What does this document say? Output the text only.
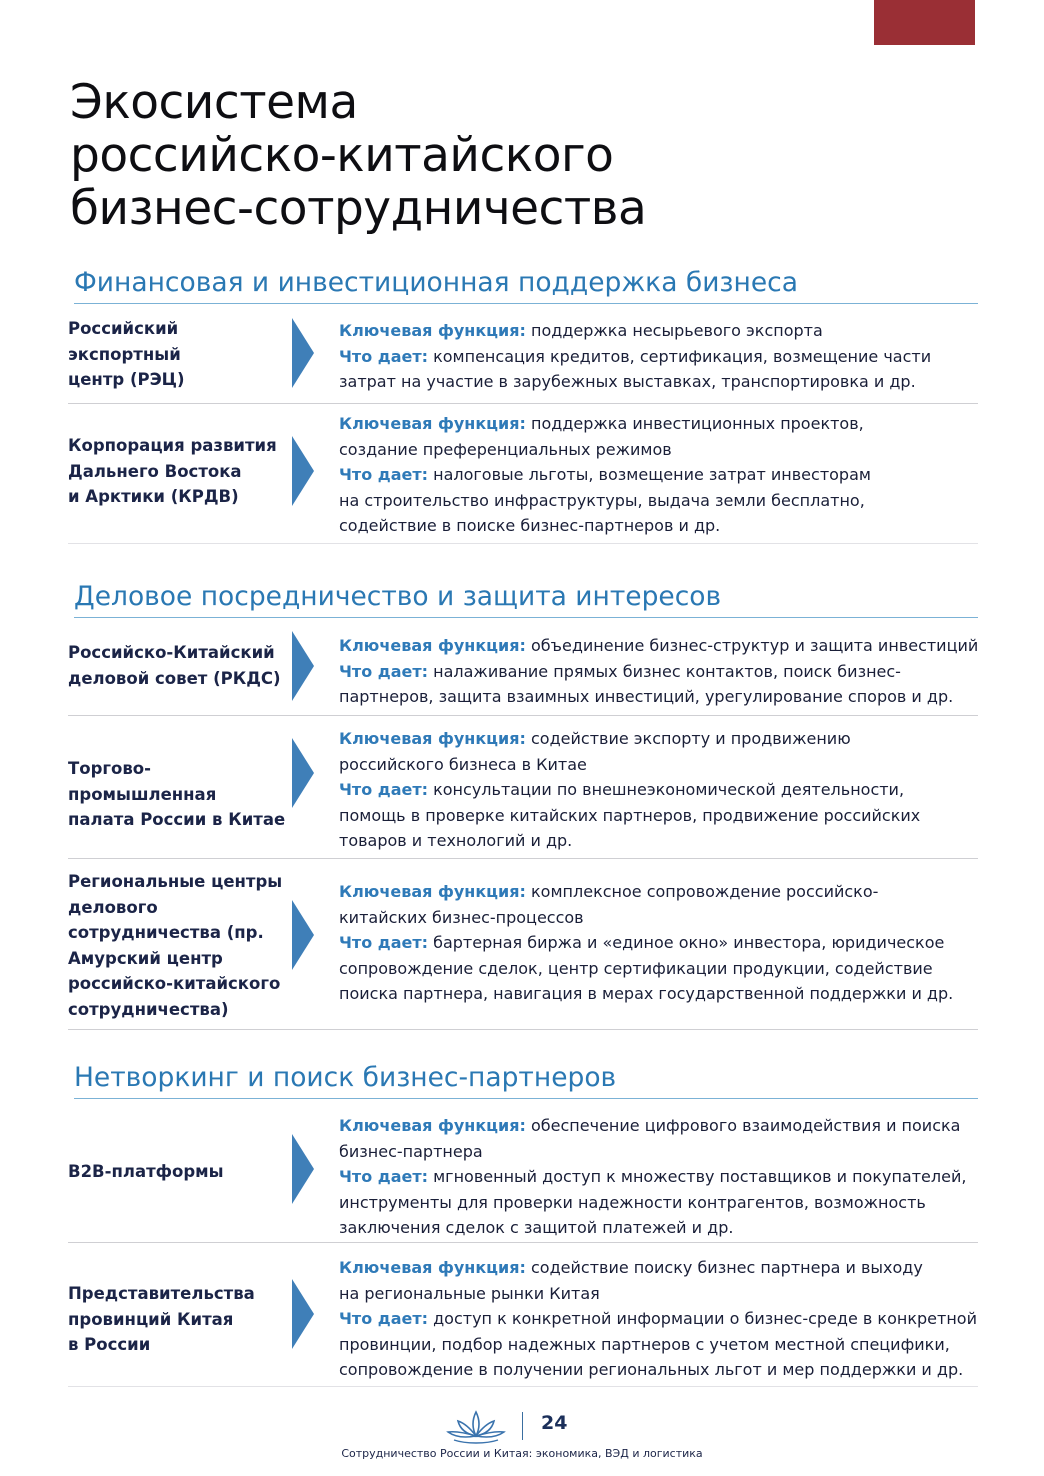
Экосистема
российско-китайского
бизнес-сотрудничества
Финансовая и инвестиционная поддержка бизнеса
Российский
экспортный
центр (РЭЦ)
Ключевая функция: поддержка несырьевого экспорта
Что дает: компенсация кредитов, сертификация, возмещение части
затрат на участие в зарубежных выставках, транспортировка и др.
Корпорация развития
Дальнего Востока
и Арктики (КРДВ)
Ключевая функция: поддержка инвестиционных проектов,
создание преференциальных режимов
Что дает: налоговые льготы, возмещение затрат инвесторам
на строительство инфраструктуры, выдача земли бесплатно,
содействие в поиске бизнес-партнеров и др.
Деловое посредничество и защита интересов
Российско-Китайский
деловой совет (РКДС)
Ключевая функция: объединение бизнес-структур и защита инвестиций
Что дает: налаживание прямых бизнес контактов, поиск бизнес-
партнеров, защита взаимных инвестиций, урегулирование споров и др.
Торгово-
промышленная
палата России в Китае
Ключевая функция: содействие экспорту и продвижению
российского бизнеса в Китае
Что дает: консультации по внешнеэкономической деятельности,
помощь в проверке китайских партнеров, продвижение российских
товаров и технологий и др.
Региональные центры
делового
сотрудничества (пр.
Амурский центр
российско-китайского
сотрудничества)
Ключевая функция: комплексное сопровождение российско-
китайских бизнес-процессов
Что дает: бартерная биржа и «единое окно» инвестора, юридическое
сопровождение сделок, центр сертификации продукции, содействие
поиска партнера, навигация в мерах государственной поддержки и др.
Нетворкинг и поиск бизнес-партнеров
B2B-платформы
Ключевая функция: обеспечение цифрового взаимодействия и поиска
бизнес-партнера
Что дает: мгновенный доступ к множеству поставщиков и покупателей,
инструменты для проверки надежности контрагентов, возможность
заключения сделок с защитой платежей и др.
Представительства
провинций Китая
в России
Ключевая функция: содействие поиску бизнес партнера и выходу
на региональные рынки Китая
Что дает: доступ к конкретной информации о бизнес-среде в конкретной
провинции, подбор надежных партнеров с учетом местной специфики,
сопровождение в получении региональных льгот и мер поддержки и др.
24
Сотрудничество России и Китая: экономика, ВЭД и логистика
